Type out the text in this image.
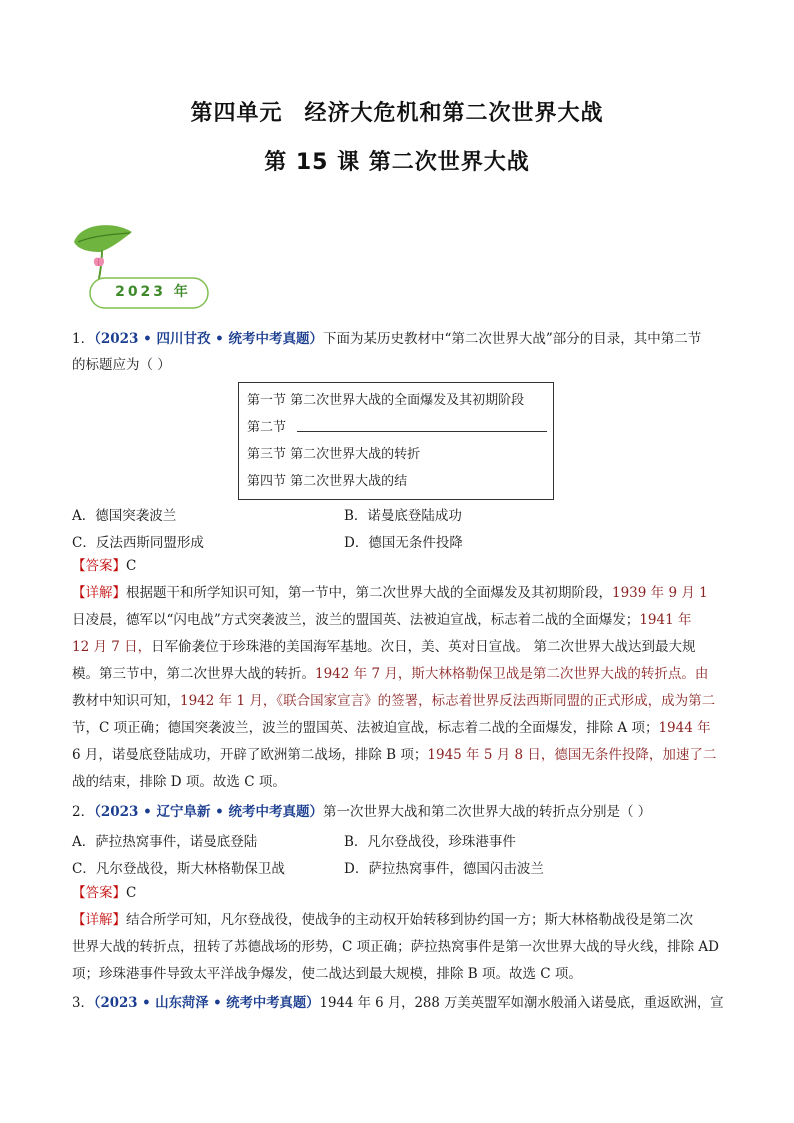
第四单元 经济大危机和第二次世界大战
第 15 课 第二次世界大战
2023 年
1．（2023 • 四川甘孜 • 统考中考真题）下面为某历史教材中“第二次世界大战”部分的目录，其中第二节
的标题应为（ ）
第一节 第二次世界大战的全面爆发及其初期阶段
第二节
第三节 第二次世界大战的转折
第四节 第二次世界大战的结
A．德国突袭波兰	B．诺曼底登陆成功
C．反法西斯同盟形成	D．德国无条件投降
【答案】C
【详解】根据题干和所学知识可知，第一节中，第二次世界大战的全面爆发及其初期阶段，1939 年 9 月 1
日凌晨，德军以“闪电战”方式突袭波兰，波兰的盟国英、法被迫宣战，标志着二战的全面爆发；1941 年
12 月 7 日，日军偷袭位于珍珠港的美国海军基地。次日，美、英对日宣战。 第二次世界大战达到最大规
模。第三节中，第二次世界大战的转折。1942 年 7 月，斯大林格勒保卫战是第二次世界大战的转折点。由
教材中知识可知，1942 年 1 月，《联合国家宣言》的签署，标志着世界反法西斯同盟的正式形成，成为第二
节，C 项正确；德国突袭波兰，波兰的盟国英、法被迫宣战，标志着二战的全面爆发，排除 A 项；1944 年
6 月，诺曼底登陆成功，开辟了欧洲第二战场，排除 B 项；1945 年 5 月 8 日，德国无条件投降，加速了二
战的结束，排除 D 项。故选 C 项。
2．（2023 • 辽宁阜新 • 统考中考真题）第一次世界大战和第二次世界大战的转折点分别是（ ）
A．萨拉热窝事件，诺曼底登陆	B．凡尔登战役，珍珠港事件
C．凡尔登战役，斯大林格勒保卫战	D．萨拉热窝事件，德国闪击波兰
【答案】C
【详解】结合所学可知，凡尔登战役，使战争的主动权开始转移到协约国一方；斯大林格勒战役是第二次
世界大战的转折点，扭转了苏德战场的形势，C 项正确；萨拉热窝事件是第一次世界大战的导火线，排除 AD
项；珍珠港事件导致太平洋战争爆发，使二战达到最大规模，排除 B 项。故选 C 项。
3．（2023 • 山东菏泽 • 统考中考真题）1944 年 6 月，288 万美英盟军如潮水般涌入诺曼底，重返欧洲，宣
